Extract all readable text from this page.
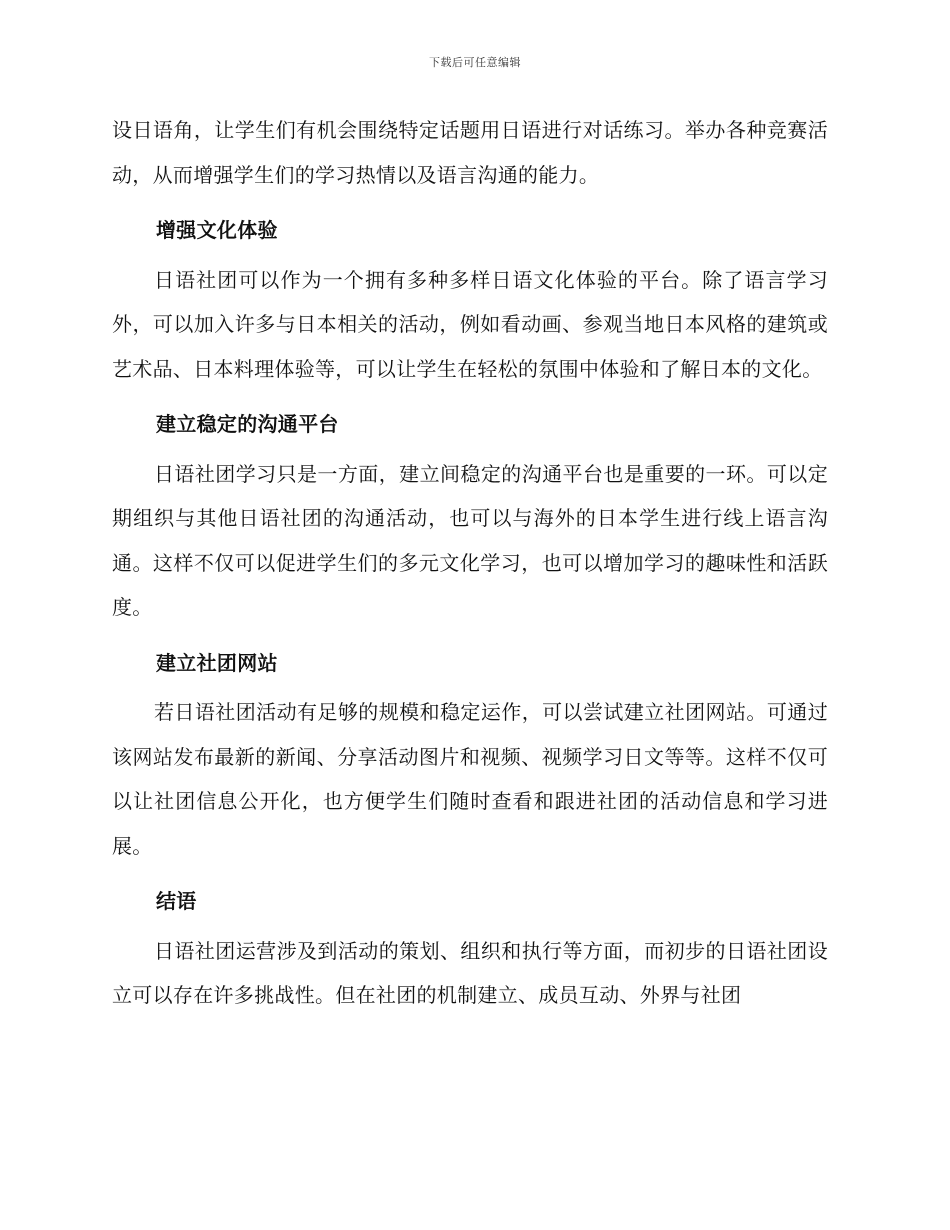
下载后可任意编辑

设日语角，让学生们有机会围绕特定话题用日语进行对话练习。举办各种竞赛活动，从而增强学生们的学习热情以及语言沟通的能力。

增强文化体验

日语社团可以作为一个拥有多种多样日语文化体验的平台。除了语言学习外，可以加入许多与日本相关的活动，例如看动画、参观当地日本风格的建筑或艺术品、日本料理体验等，可以让学生在轻松的氛围中体验和了解日本的文化。

建立稳定的沟通平台

日语社团学习只是一方面，建立间稳定的沟通平台也是重要的一环。可以定期组织与其他日语社团的沟通活动，也可以与海外的日本学生进行线上语言沟通。这样不仅可以促进学生们的多元文化学习，也可以增加学习的趣味性和活跃度。

建立社团网站

若日语社团活动有足够的规模和稳定运作，可以尝试建立社团网站。可通过该网站发布最新的新闻、分享活动图片和视频、视频学习日文等等。这样不仅可以让社团信息公开化，也方便学生们随时查看和跟进社团的活动信息和学习进展。

结语

日语社团运营涉及到活动的策划、组织和执行等方面，而初步的日语社团设立可以存在许多挑战性。但在社团的机制建立、成员互动、外界与社团
